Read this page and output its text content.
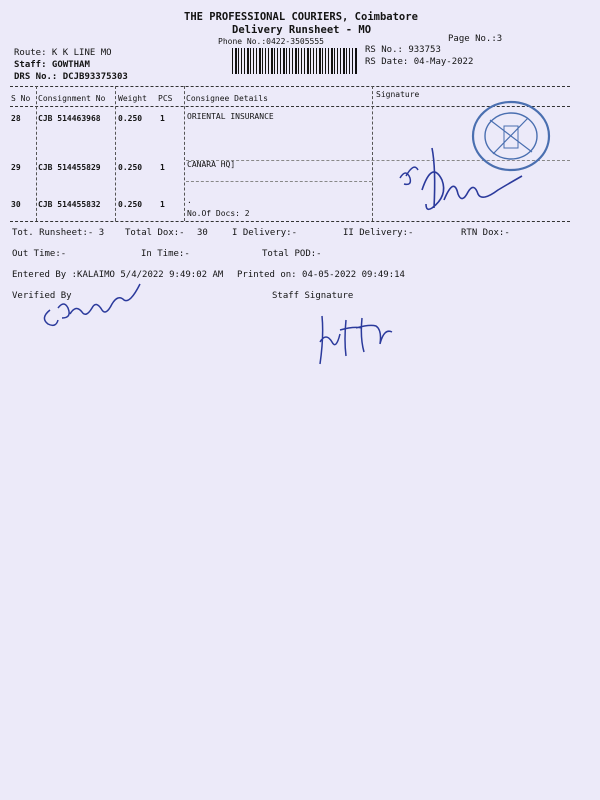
THE PROFESSIONAL COURIERS, Coimbatore
Delivery Runsheet - MO
Phone No.:0422-3505555	Page No.:3
RS No.: 933753
RS Date: 04-May-2022
Route: K K LINE MO
Staff: GOWTHAM
DRS No.: DCJB93375303
S No Consignment No Weight PCS Consignee Details	Signature
28 CJB 514463968 0.250 1	ORIENTAL INSURANCE
29 CJB 514455829 0.250 1	CANARA HQ]
30 CJB 514455832 0.250 1	.
No.Of Docs: 2
Tot. Runsheet:- 3 Total Dox:- 30	I Delivery:-	II Delivery:-	RTN Dox:-
Out Time:-	In Time:-	Total POD:-
Entered By :KALAIMO 5/4/2022 9:49:02 AM Printed on: 04-05-2022 09:49:14
Verified By	Staff Signature
